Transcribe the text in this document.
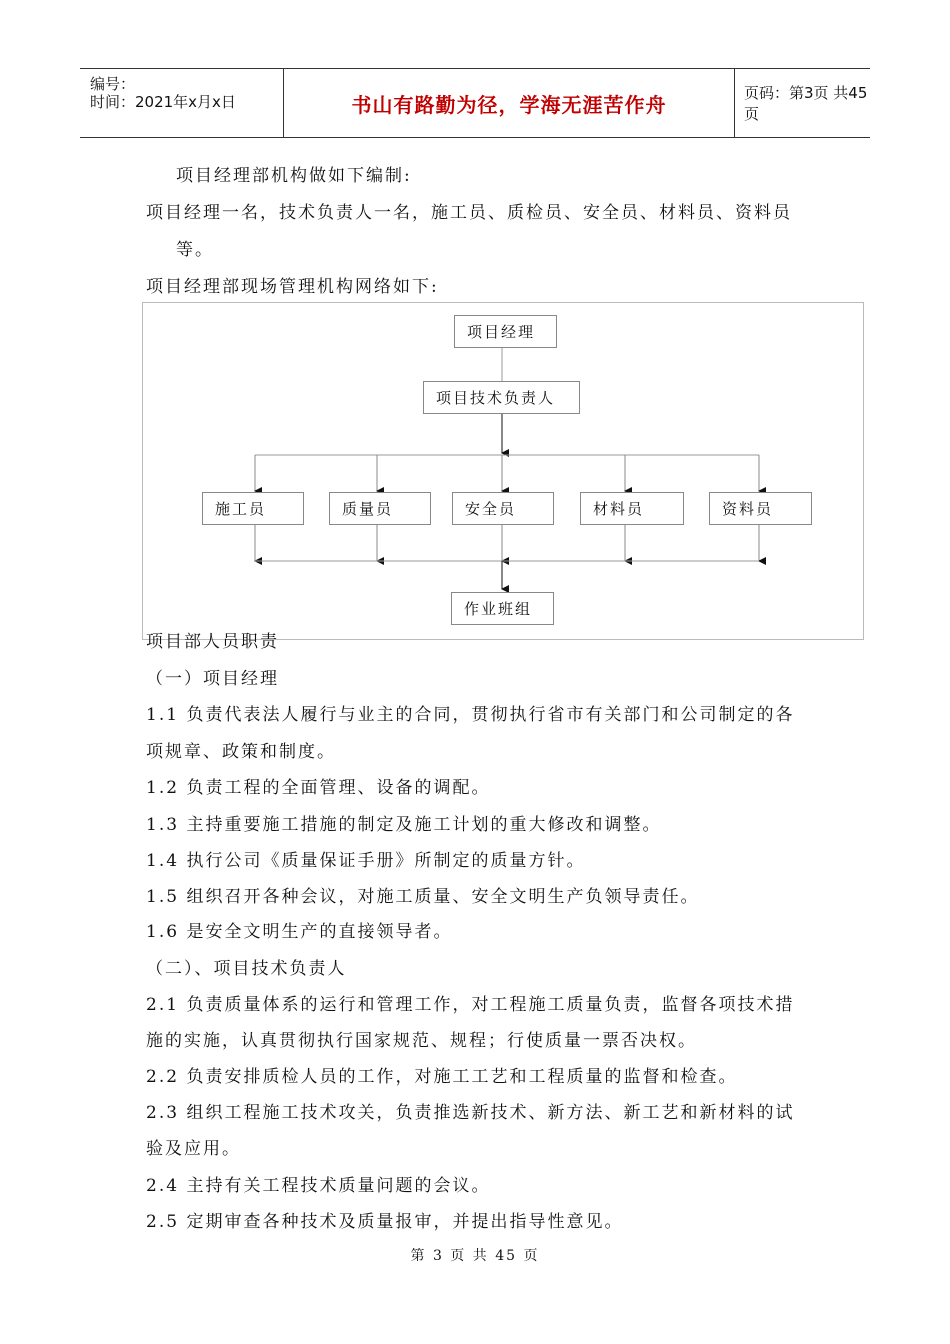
编号：
时间：2021年x月x日	书山有路勤为径，学海无涯苦作舟	页码：第3页 共45页
项目经理部机构做如下编制:
项目经理一名，技术负责人一名，施工员、质检员、安全员、材料员、资料员
等。
项目经理部现场管理机构网络如下:
项目经理
项目技术负责人
施工员	质量员	安全员	材料员	资料员
作业班组
项目部人员职责
（一）项目经理
1.1 负责代表法人履行与业主的合同，贯彻执行省市有关部门和公司制定的各
项规章、政策和制度。
1.2 负责工程的全面管理、设备的调配。
1.3 主持重要施工措施的制定及施工计划的重大修改和调整。
1.4 执行公司《质量保证手册》所制定的质量方针。
1.5 组织召开各种会议，对施工质量、安全文明生产负领导责任。
1.6 是安全文明生产的直接领导者。
（二）、项目技术负责人
2.1 负责质量体系的运行和管理工作，对工程施工质量负责，监督各项技术措
施的实施，认真贯彻执行国家规范、规程；行使质量一票否决权。
2.2 负责安排质检人员的工作，对施工工艺和工程质量的监督和检查。
2.3 组织工程施工技术攻关，负责推选新技术、新方法、新工艺和新材料的试
验及应用。
2.4 主持有关工程技术质量问题的会议。
2.5 定期审查各种技术及质量报审，并提出指导性意见。
第 3 页 共 45 页
